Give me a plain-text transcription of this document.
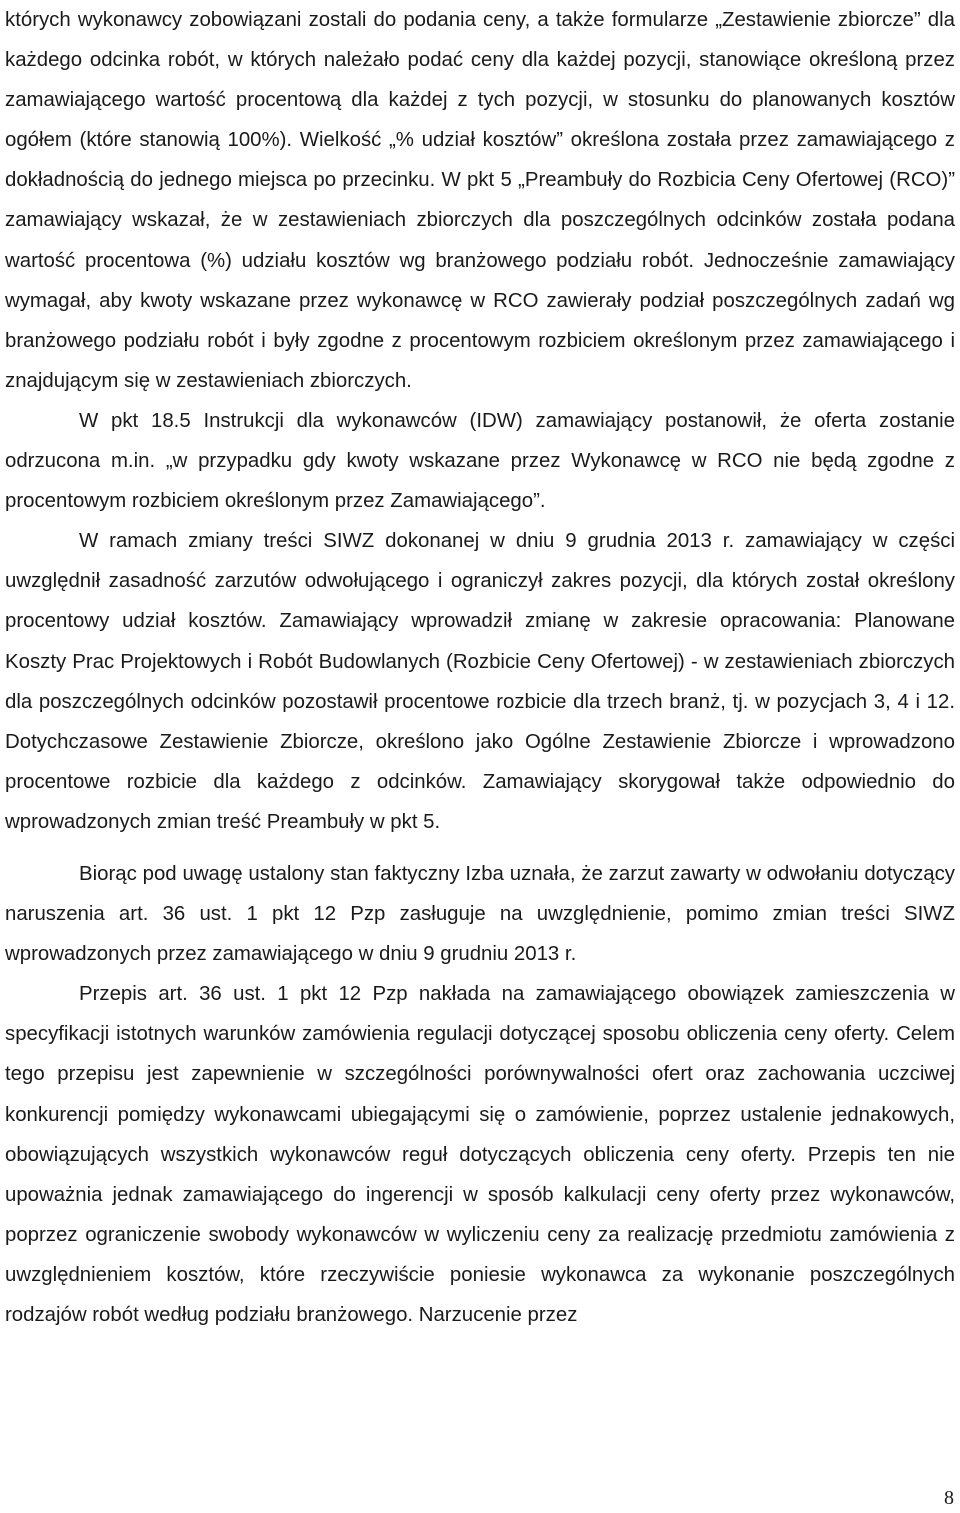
których wykonawcy zobowiązani zostali do podania ceny, a także formularze „Zestawienie zbiorcze” dla każdego odcinka robót, w których należało podać ceny dla każdej pozycji, stanowiące określoną przez zamawiającego wartość procentową dla każdej z tych pozycji, w stosunku do planowanych kosztów ogółem (które stanowią 100%). Wielkość „% udział kosztów” określona została przez zamawiającego z dokładnością do jednego miejsca po przecinku. W pkt 5 „Preambuły do Rozbicia Ceny Ofertowej (RCO)” zamawiający wskazał, że w zestawieniach zbiorczych dla poszczególnych odcinków została podana wartość procentowa (%) udziału kosztów wg branżowego podziału robót. Jednocześnie zamawiający wymagał, aby kwoty wskazane przez wykonawcę w RCO zawierały podział poszczególnych zadań wg branżowego podziału robót i były zgodne z procentowym rozbiciem określonym przez zamawiającego i znajdującym się w zestawieniach zbiorczych.

W pkt 18.5 Instrukcji dla wykonawców (IDW) zamawiający postanowił, że oferta zostanie odrzucona m.in. „w przypadku gdy kwoty wskazane przez Wykonawcę w RCO nie będą zgodne z procentowym rozbiciem określonym przez Zamawiającego”.

W ramach zmiany treści SIWZ dokonanej w dniu 9 grudnia 2013 r. zamawiający w części uwzględnił zasadność zarzutów odwołującego i ograniczył zakres pozycji, dla których został określony procentowy udział kosztów. Zamawiający wprowadził zmianę w zakresie opracowania: Planowane Koszty Prac Projektowych i Robót Budowlanych (Rozbicie Ceny Ofertowej) - w zestawieniach zbiorczych dla poszczególnych odcinków pozostawił procentowe rozbicie dla trzech branż, tj. w pozycjach 3, 4 i 12. Dotychczasowe Zestawienie Zbiorcze, określono jako Ogólne Zestawienie Zbiorcze i wprowadzono procentowe rozbicie dla każdego z odcinków. Zamawiający skorygował także odpowiednio do wprowadzonych zmian treść Preambuły w pkt 5.

Biorąc pod uwagę ustalony stan faktyczny Izba uznała, że zarzut zawarty w odwołaniu dotyczący naruszenia art. 36 ust. 1 pkt 12 Pzp zasługuje na uwzględnienie, pomimo zmian treści SIWZ wprowadzonych przez zamawiającego w dniu 9 grudniu 2013 r.

Przepis art. 36 ust. 1 pkt 12 Pzp nakłada na zamawiającego obowiązek zamieszczenia w specyfikacji istotnych warunków zamówienia regulacji dotyczącej sposobu obliczenia ceny oferty. Celem tego przepisu jest zapewnienie w szczególności porównywalności ofert oraz zachowania uczciwej konkurencji pomiędzy wykonawcami ubiegającymi się o zamówienie, poprzez ustalenie jednakowych, obowiązujących wszystkich wykonawców reguł dotyczących obliczenia ceny oferty. Przepis ten nie upoważnia jednak zamawiającego do ingerencji w sposób kalkulacji ceny oferty przez wykonawców, poprzez ograniczenie swobody wykonawców w wyliczeniu ceny za realizację przedmiotu zamówienia z uwzględnieniem kosztów, które rzeczywiście poniesie wykonawca za wykonanie poszczególnych rodzajów robót według podziału branżowego. Narzucenie przez

8
